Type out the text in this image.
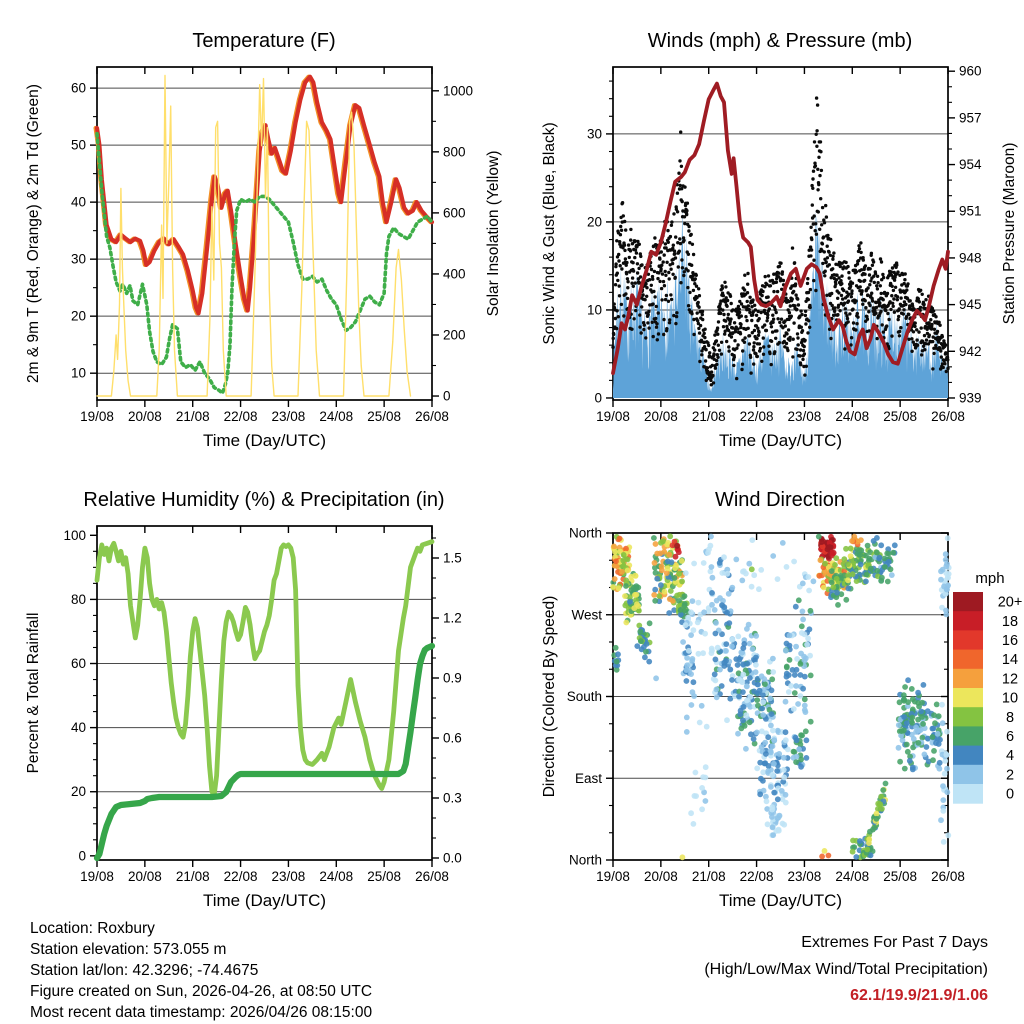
19/08 20/08 21/08 22/08 23/08 24/08 25/08 26/08
Time (Day/UTC)
10
20
30
40
50
60
0
200
400
600
800
1000
Temperature (F)
2m & 9m T (Red, Orange) & 2m Td (Green)	Solar Insolation (Yellow)
19/08 20/08 21/08 22/08 23/08 24/08 25/08 26/08
Time (Day/UTC)
0
10
20
30
939
942
945
948
951
954
957
960
Winds (mph) & Pressure (mb)
Sonic Wind & Gust (Blue, Black)	Station Pressure (Maroon)
19/08 20/08 21/08 22/08 23/08 24/08 25/08 26/08
Time (Day/UTC)
0
20
40
60
80
100
0.0
0.3
0.6
0.9
1.2
1.5
Relative Humidity (%) & Precipitation (in)
Percent & Total Rainfall
19/08 20/08 21/08 22/08 23/08 24/08 25/08 26/08
Time (Day/UTC)
North
East
South
West
North
Wind Direction
Direction (Colored By Speed)
mph
20+
18
16
14
12
10
8
6
4
2
0
Location: Roxbury
Station elevation: 573.055 m
Station lat/lon: 42.3296; -74.4675
Figure created on Sun, 2026-04-26, at 08:50 UTC
Most recent data timestamp: 2026/04/26 08:15:00
Extremes For Past 7 Days
(High/Low/Max Wind/Total Precipitation)
62.1/19.9/21.9/1.06
